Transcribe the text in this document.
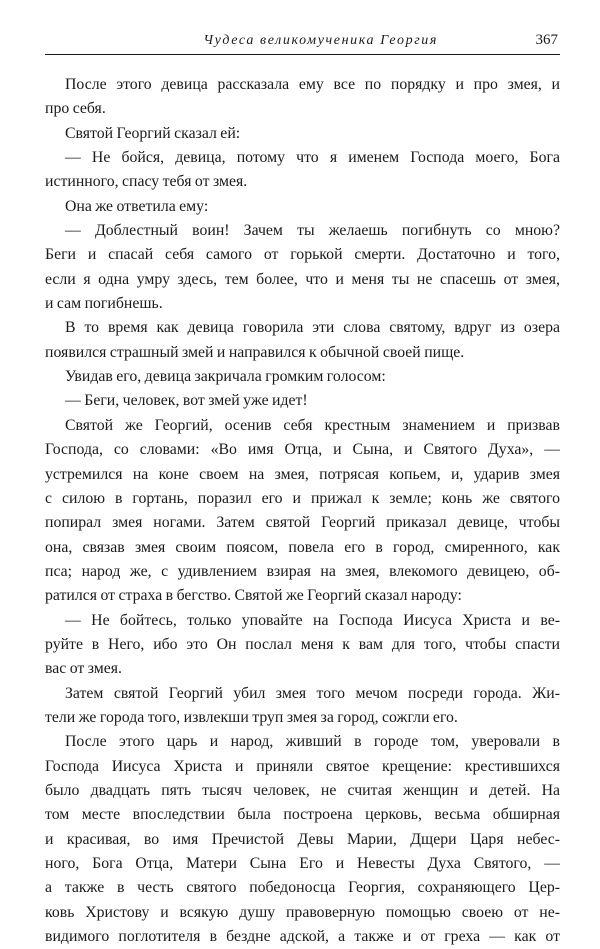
Чудеса великомученика Георгия	367
После этого девица рассказала ему все по порядку и про змея, и
про себя.
Святой Георгий сказал ей:
— Не бойся, девица, потому что я именем Господа моего, Бога
истинного, спасу тебя от змея.
Она же ответила ему:
— Доблестный воин! Зачем ты желаешь погибнуть со мною?
Беги и спасай себя самого от горькой смерти. Достаточно и того,
если я одна умру здесь, тем более, что и меня ты не спасешь от змея,
и сам погибнешь.
В то время как девица говорила эти слова святому, вдруг из озера
появился страшный змей и направился к обычной своей пище.
Увидав его, девица закричала громким голосом:
— Беги, человек, вот змей уже идет!
Святой же Георгий, осенив себя крестным знамением и призвав
Господа, со словами: «Во имя Отца, и Сына, и Святого Духа», —
устремился на коне своем на змея, потрясая копьем, и, ударив змея
с силою в гортань, поразил его и прижал к земле; конь же святого
попирал змея ногами. Затем святой Георгий приказал девице, чтобы
она, связав змея своим поясом, повела его в город, смиренного, как
пса; народ же, с удивлением взирая на змея, влекомого девицею, об-
ратился от страха в бегство. Святой же Георгий сказал народу:
— Не бойтесь, только уповайте на Господа Иисуса Христа и ве-
руйте в Него, ибо это Он послал меня к вам для того, чтобы спасти
вас от змея.
Затем святой Георгий убил змея того мечом посреди города. Жи-
тели же города того, извлекши труп змея за город, сожгли его.
После этого царь и народ, живший в городе том, уверовали в
Господа Иисуса Христа и приняли святое крещение: крестившихся
было двадцать пять тысяч человек, не считая женщин и детей. На
том месте впоследствии была построена церковь, весьма обширная
и красивая, во имя Пречистой Девы Марии, Дщери Царя небес-
ного, Бога Отца, Матери Сына Его и Невесты Духа Святого, —
а также в честь святого победоносца Георгия, сохраняющего Цер-
ковь Христову и всякую душу правоверную помощью своею от не-
видимого поглотителя в бездне адской, а также и от греха — как от
